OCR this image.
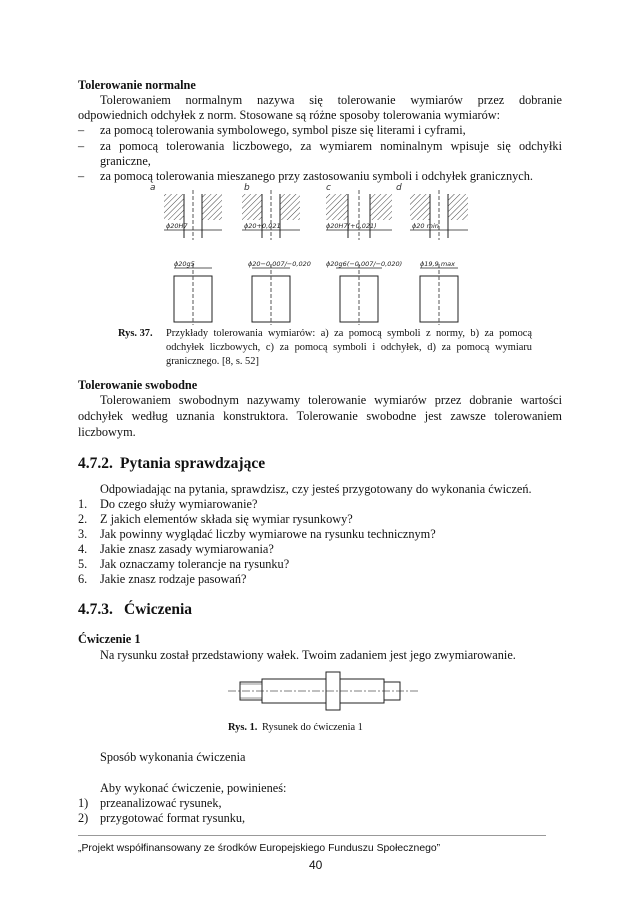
Tolerowanie normalne
Tolerowaniem normalnym nazywa się tolerowanie wymiarów przez dobranie
odpowiednich odchyłek z norm. Stosowane są różne sposoby tolerowania wymiarów:
– za pomocą tolerowania symbolowego, symbol pisze się literami i cyframi,
– za pomocą tolerowania liczbowego, za wymiarem nominalnym wpisuje się odchyłki
graniczne,
– za pomocą tolerowania mieszanego przy zastosowaniu symboli i odchyłek granicznych.
a	b	c	d
ϕ20H7	ϕ20+0,021	ϕ20H7(+0,021)	ϕ20 min
ϕ20g5	ϕ20−0,007/−0,020 ϕ20g6(−0,007/−0,020)	ϕ19,9 max
Rys. 37. Przykłady tolerowania wymiarów: a) za pomocą symboli z normy, b) za pomocą
odchyłek liczbowych, c) za pomocą symboli i odchyłek, d) za pomocą wymiaru
granicznego. [8, s. 52]
Tolerowanie swobodne
Tolerowaniem swobodnym nazywamy tolerowanie wymiarów przez dobranie wartości
odchyłek według uznania konstruktora. Tolerowanie swobodne jest zawsze tolerowaniem
liczbowym.
4.7.2. Pytania sprawdzające
Odpowiadając na pytania, sprawdzisz, czy jesteś przygotowany do wykonania ćwiczeń.
1. Do czego służy wymiarowanie?
2. Z jakich elementów składa się wymiar rysunkowy?
3. Jak powinny wyglądać liczby wymiarowe na rysunku technicznym?
4. Jakie znasz zasady wymiarowania?
5. Jak oznaczamy tolerancje na rysunku?
6. Jakie znasz rodzaje pasowań?
4.7.3. Ćwiczenia
Ćwiczenie 1
Na rysunku został przedstawiony wałek. Twoim zadaniem jest jego zwymiarowanie.
Rys. 1. Rysunek do ćwiczenia 1
Sposób wykonania ćwiczenia
Aby wykonać ćwiczenie, powinieneś:
1) przeanalizować rysunek,
2) przygotować format rysunku,
„Projekt współfinansowany ze środków Europejskiego Funduszu Społecznego”
40
